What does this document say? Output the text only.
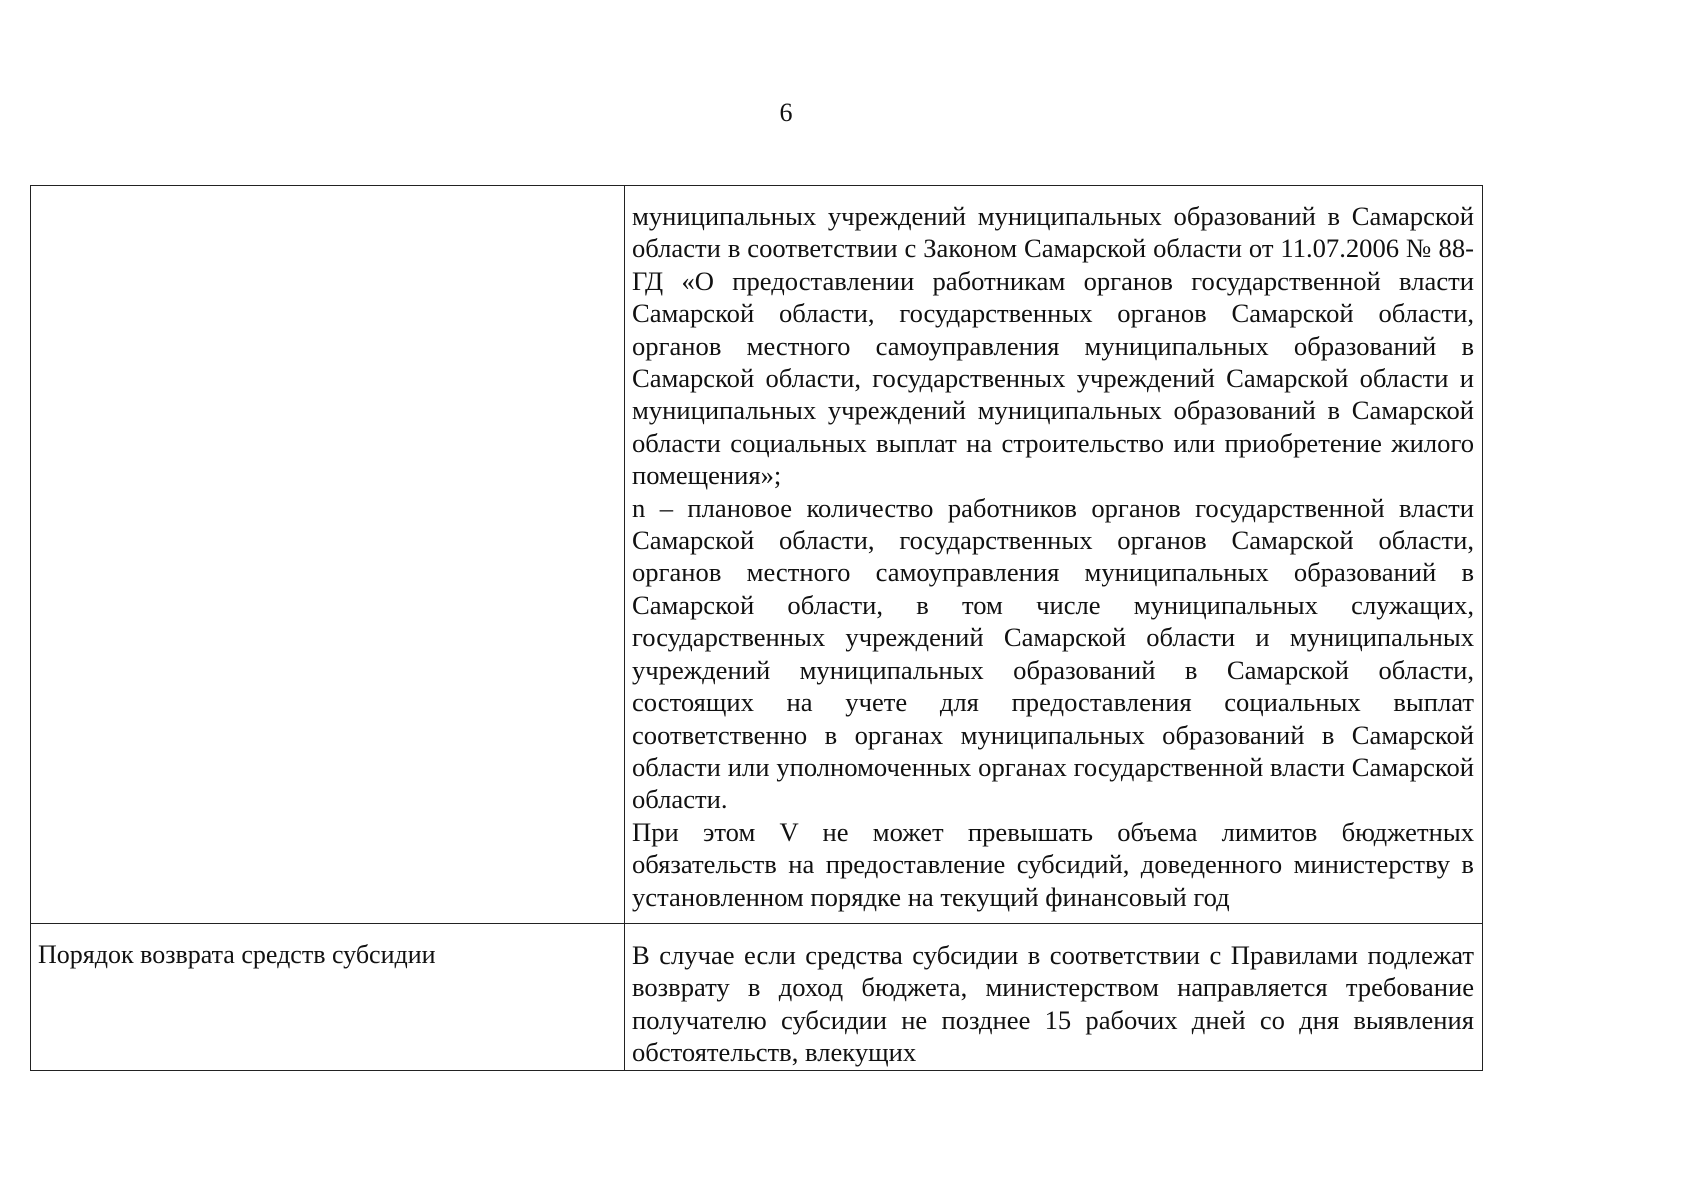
6

	муниципальных учреждений муниципальных образований в Самарской области в соответствии с Законом Самарской области от 11.07.2006 № 88-ГД «О предоставлении работникам органов государственной власти Самарской области, государственных органов Самарской области, органов местного самоуправления муниципальных образований в Самарской области, государственных учреждений Самарской области и муниципальных учреждений муниципальных образований в Самарской области социальных выплат на строительство или приобретение жилого помещения»;

n – плановое количество работников органов государственной власти Самарской области, государственных органов Самарской области, органов местного самоуправления муниципальных образований в Самарской области, в том числе муниципальных служащих, государственных учреждений Самарской области и муниципальных учреждений муниципальных образований в Самарской области, состоящих на учете для предоставления социальных выплат соответственно в органах муниципальных образований в Самарской области или уполномоченных органах государственной власти Самарской области.

При этом V не может превышать объема лимитов бюджетных обязательств на предоставление субсидий, доведенного министерству в установленном порядке на текущий финансовый год

Порядок возврата средств субсидии	В случае если средства субсидии в соответствии с Правилами подлежат возврату в доход бюджета, министерством направляется требование получателю субсидии не позднее 15 рабочих дней со дня выявления обстоятельств, влекущих
